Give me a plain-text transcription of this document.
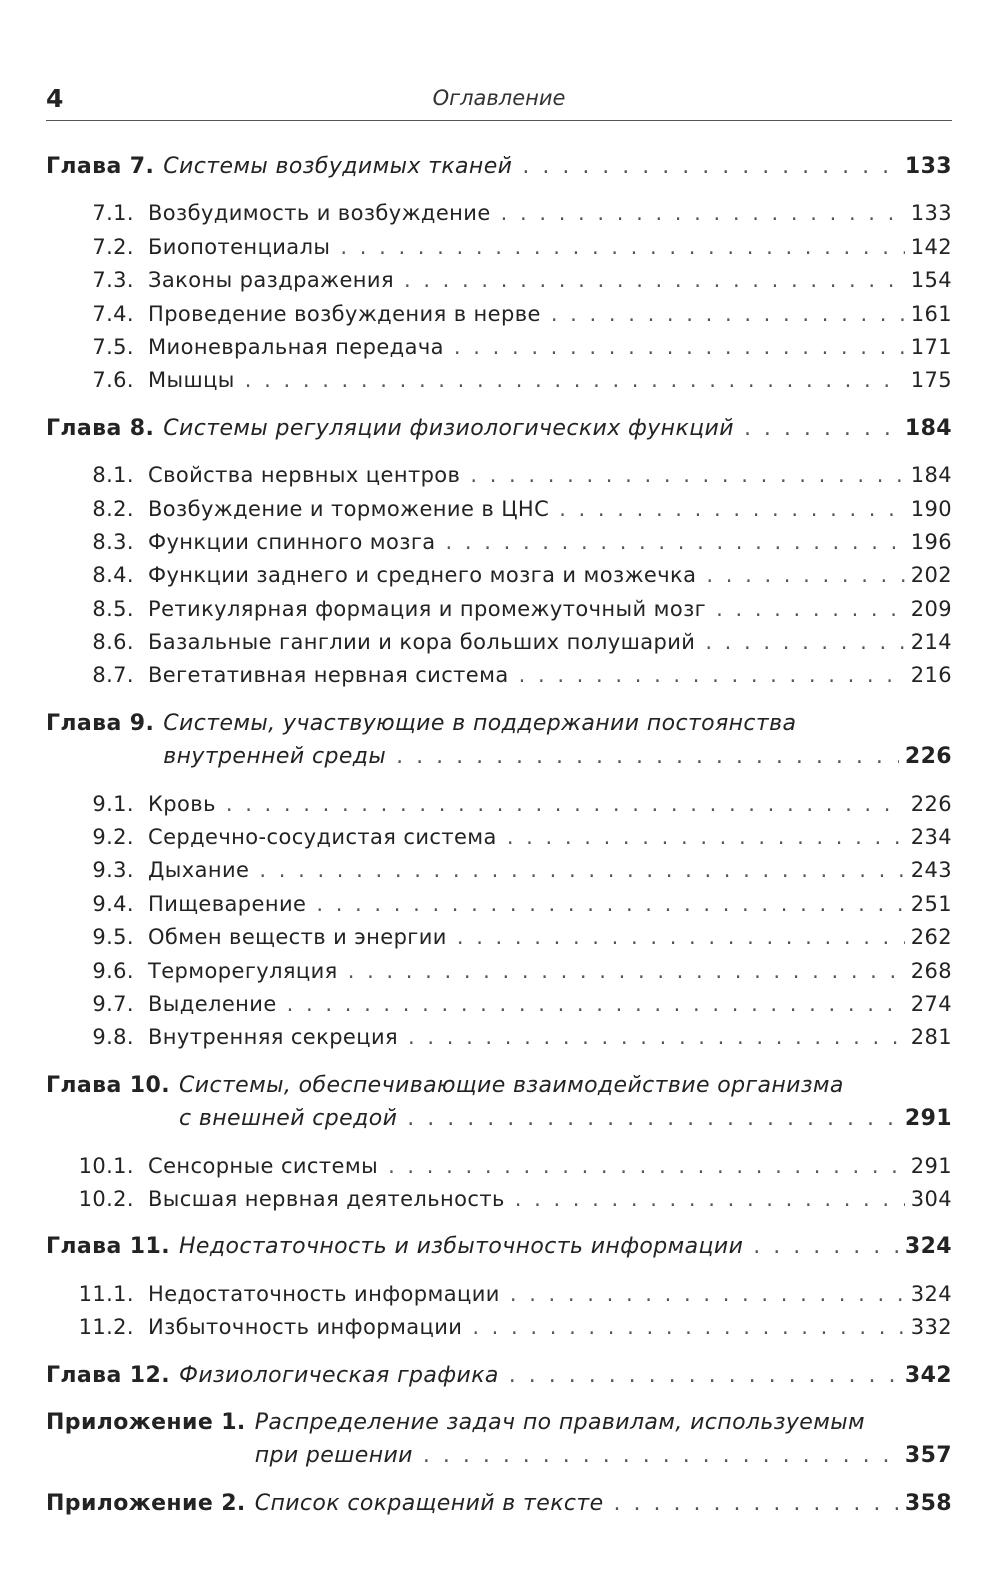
4	Оглавление
Глава 7. Системы возбудимых тканей . . .	133
7.1. Возбудимость и возбуждение . . .	133
7.2. Биопотенциалы . . .	142
7.3. Законы раздражения . . .	154
7.4. Проведение возбуждения в нерве . . .	161
7.5. Мионевральная передача . . .	171
7.6. Мышцы . . .	175
Глава 8. Системы регуляции физиологических функций . . .	184
8.1. Свойства нервных центров . . .	184
8.2. Возбуждение и торможение в ЦНС . . .	190
8.3. Функции спинного мозга . . .	196
8.4. Функции заднего и среднего мозга и мозжечка . . .	202
8.5. Ретикулярная формация и промежуточный мозг . . .	209
8.6. Базальные ганглии и кора больших полушарий . . .	214
8.7. Вегетативная нервная система . . .	216
Глава 9. Системы, участвующие в поддержании постоянства
внутренней среды . . .	226
9.1. Кровь . . .	226
9.2. Сердечно-сосудистая система . . .	234
9.3. Дыхание . . .	243
9.4. Пищеварение . . .	251
9.5. Обмен веществ и энергии . . .	262
9.6. Терморегуляция . . .	268
9.7. Выделение . . .	274
9.8. Внутренняя секреция . . .	281
Глава 10. Системы, обеспечивающие взаимодействие организма
с внешней средой . . .	291
10.1. Сенсорные системы . . .	291
10.2. Высшая нервная деятельность . . .	304
Глава 11. Недостаточность и избыточность информации . . .	324
11.1. Недостаточность информации . . .	324
11.2. Избыточность информации . . .	332
Глава 12. Физиологическая графика . . .	342
Приложение 1. Распределение задач по правилам, используемым
при решении . . .	357
Приложение 2. Список сокращений в тексте . . .	358
